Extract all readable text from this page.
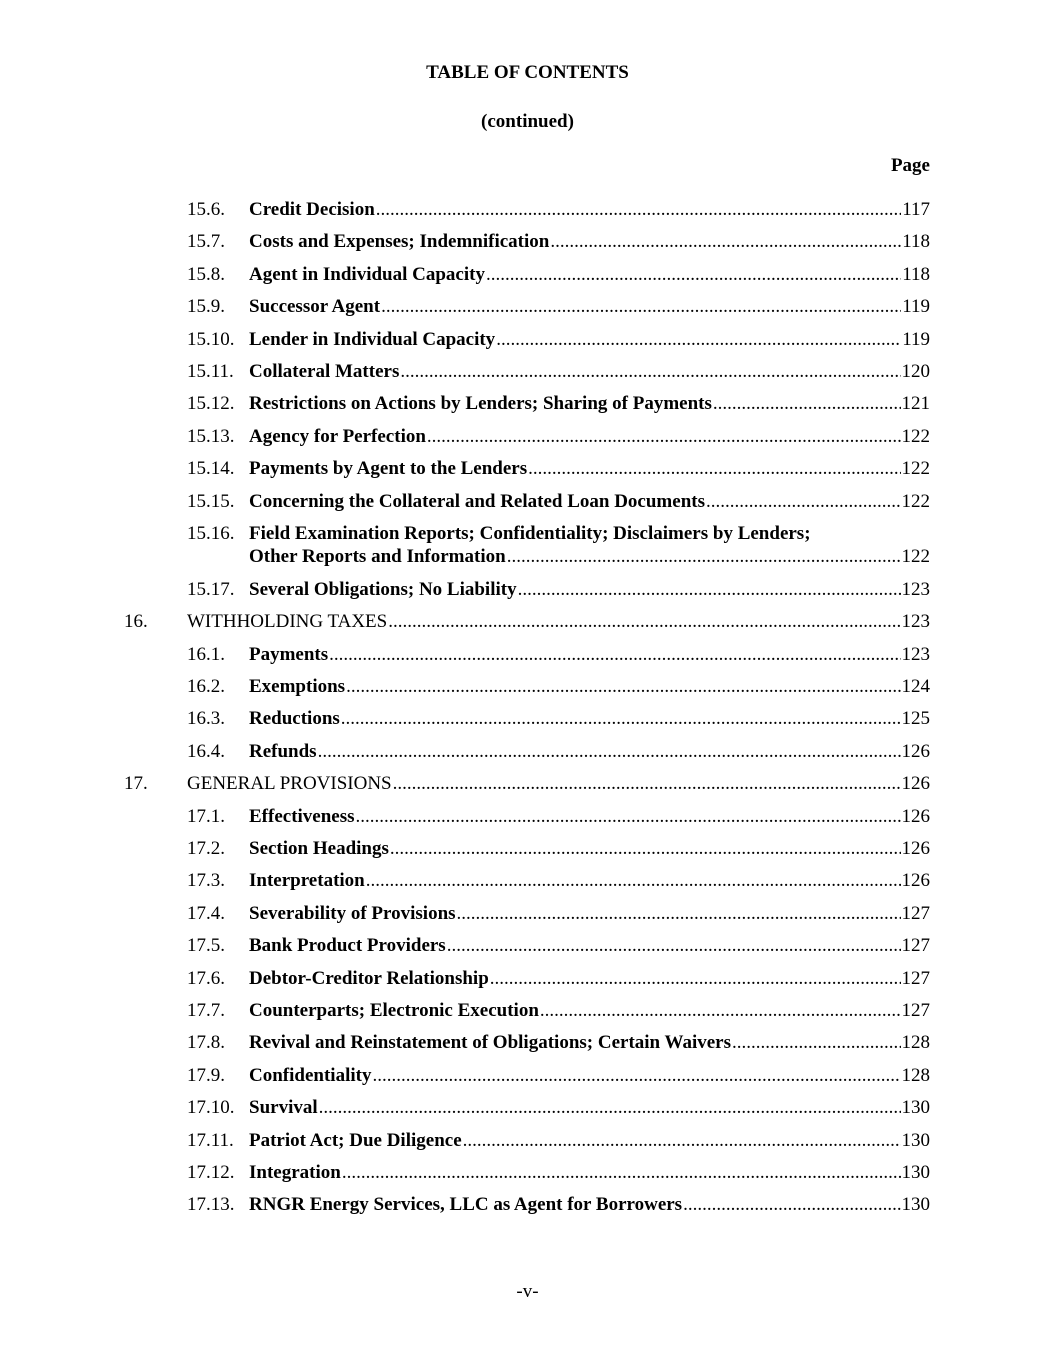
TABLE OF CONTENTS
(continued)
Page
15.6. Credit Decision .....	117
15.7. Costs and Expenses; Indemnification .....	118
15.8. Agent in Individual Capacity .....	118
15.9. Successor Agent .....	119
15.10. Lender in Individual Capacity .....	119
15.11. Collateral Matters .....	120
15.12. Restrictions on Actions by Lenders; Sharing of Payments .....	121
15.13. Agency for Perfection .....	122
15.14. Payments by Agent to the Lenders .....	122
15.15. Concerning the Collateral and Related Loan Documents .....	122
15.16. Field Examination Reports; Confidentiality; Disclaimers by Lenders;
Other Reports and Information .....	122
15.17. Several Obligations; No Liability .....	123
16. WITHHOLDING TAXES .....	123
16.1. Payments .....	123
16.2. Exemptions .....	124
16.3. Reductions .....	125
16.4. Refunds .....	126
17. GENERAL PROVISIONS .....	126
17.1. Effectiveness .....	126
17.2. Section Headings .....	126
17.3. Interpretation .....	126
17.4. Severability of Provisions .....	127
17.5. Bank Product Providers .....	127
17.6. Debtor-Creditor Relationship .....	127
17.7. Counterparts; Electronic Execution .....	127
17.8. Revival and Reinstatement of Obligations; Certain Waivers .....	128
17.9. Confidentiality .....	128
17.10. Survival .....	130
17.11. Patriot Act; Due Diligence .....	130
17.12. Integration .....	130
17.13. RNGR Energy Services, LLC as Agent for Borrowers .....	130
-v-
